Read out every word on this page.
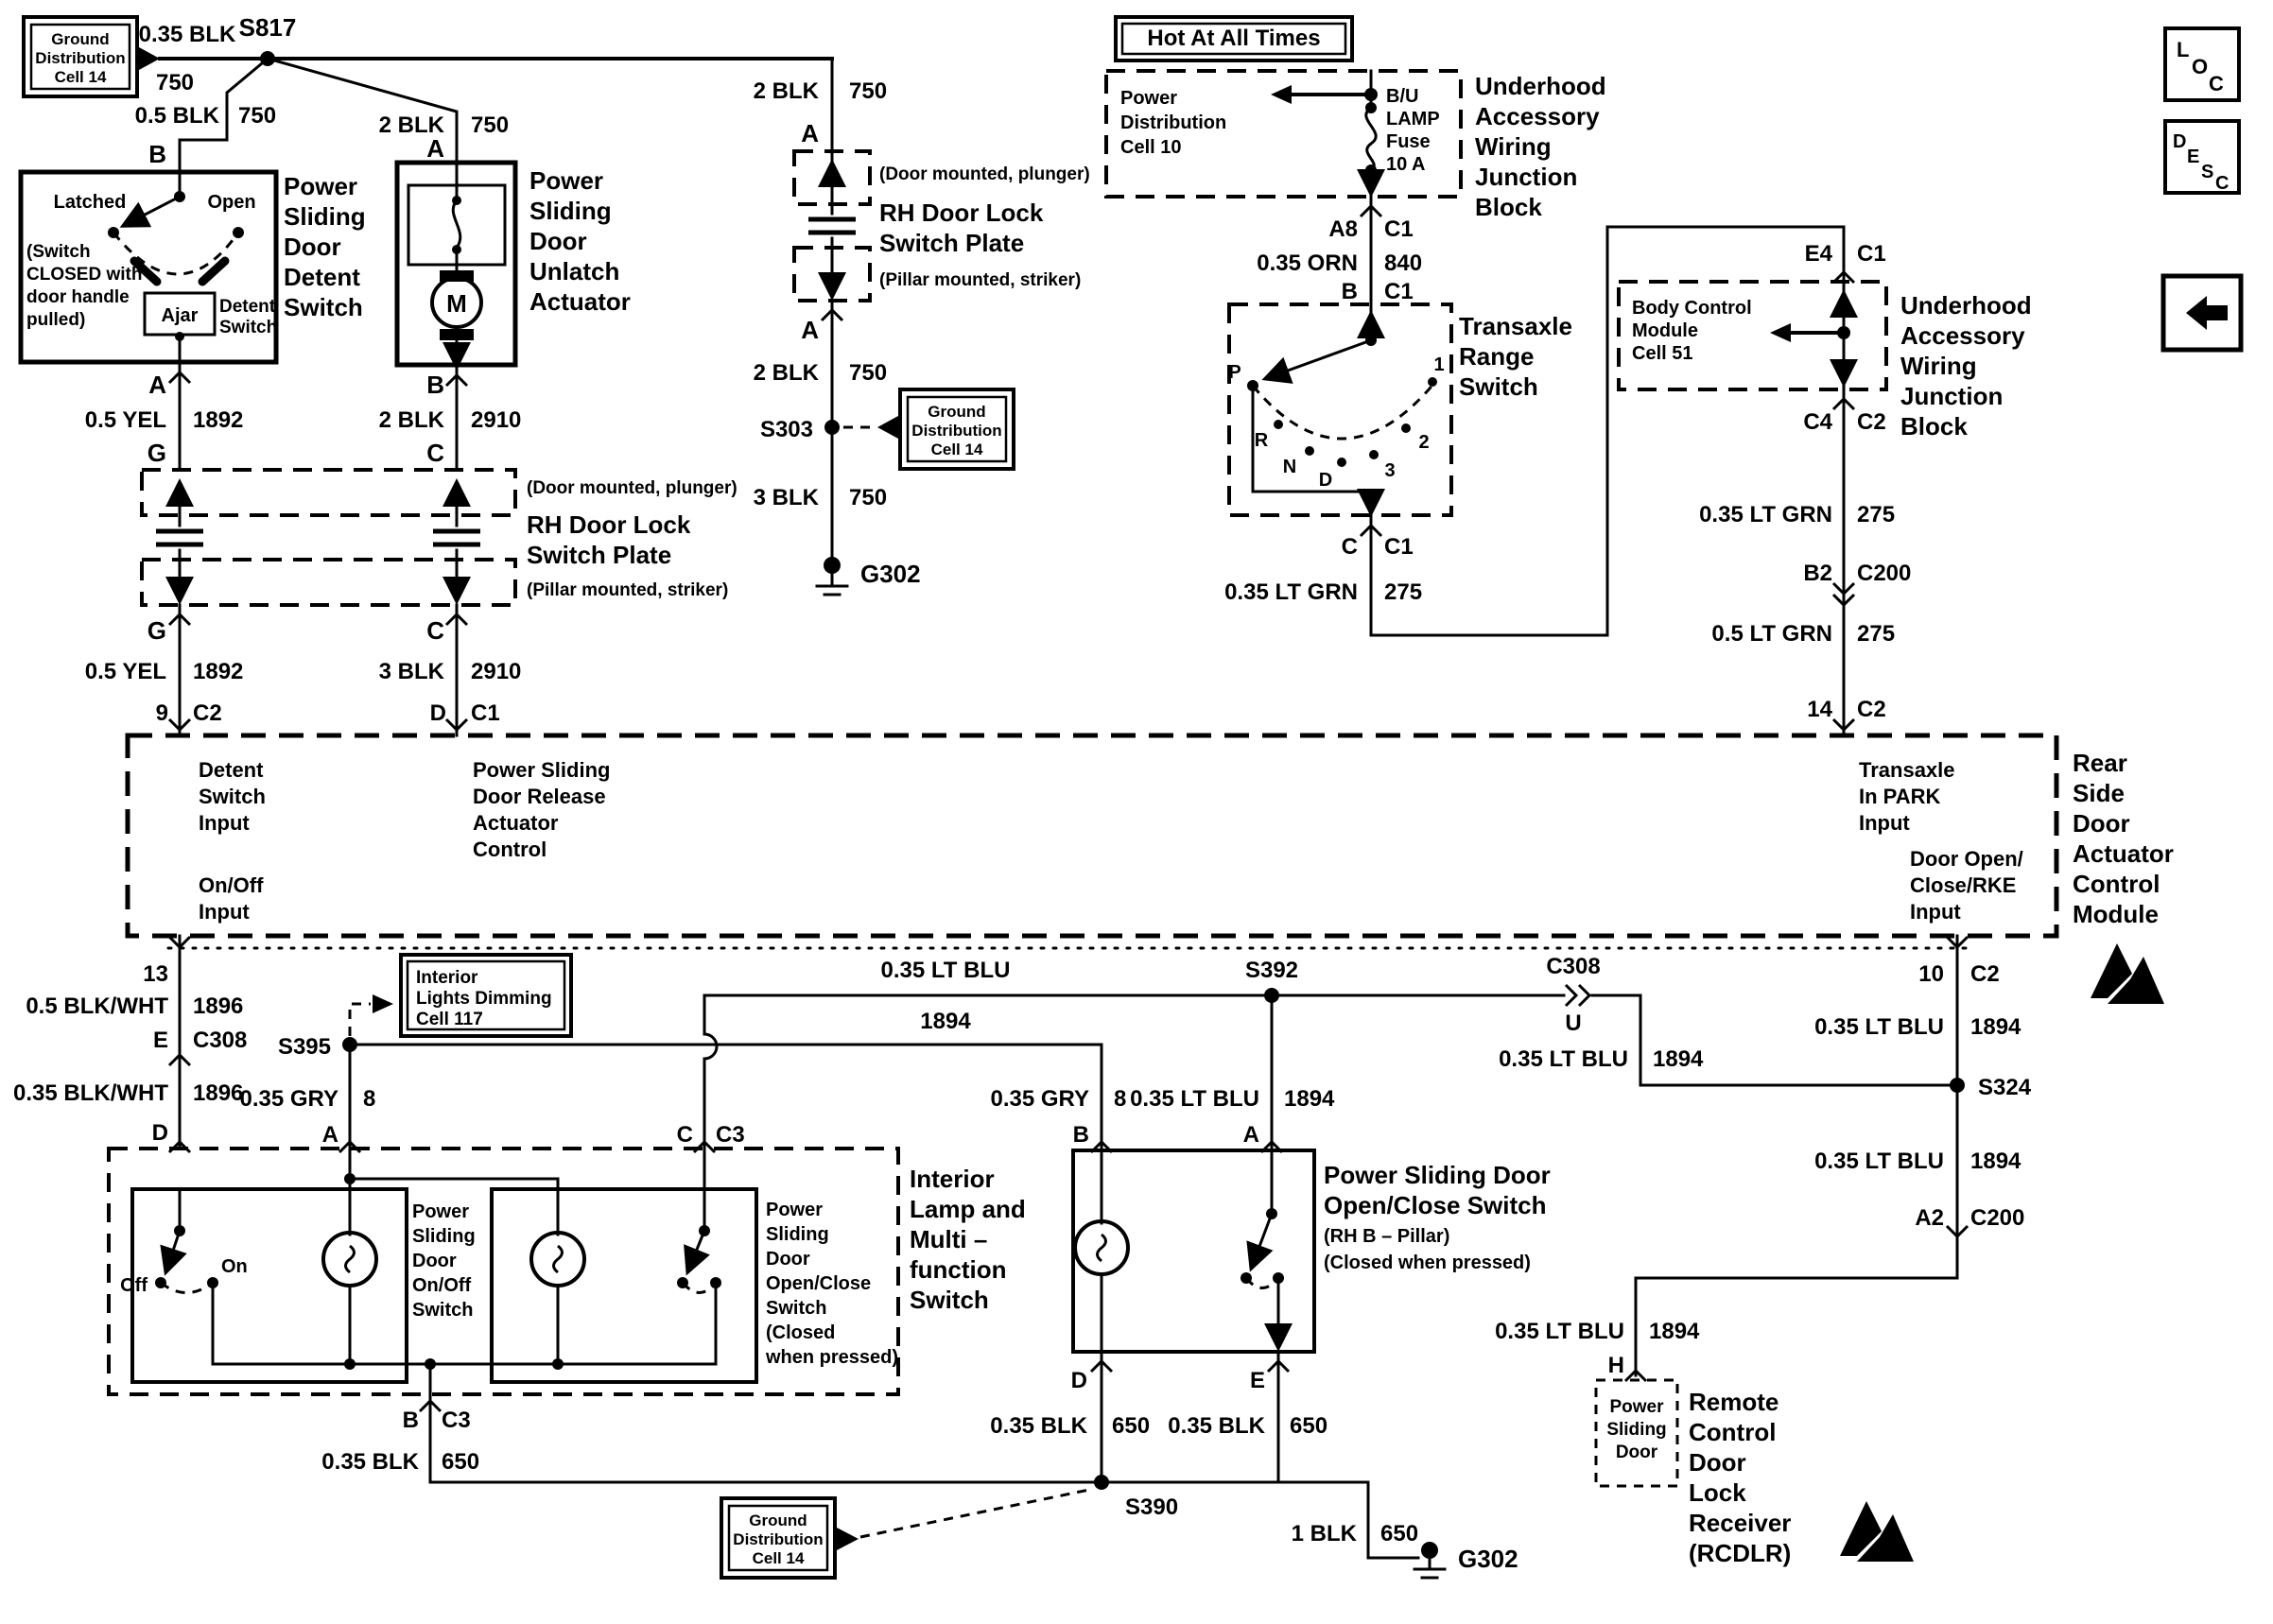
Ground
Distribution
Cell 14
S817
0.35 BLK
750
0.5 BLK 750
B
2 BLK 750
A
2 BLK 750
A
Latched	Open
Ajar
(Switch
CLOSED with
door handle
pulled)
Detent
Switch
Power
Sliding
Door
Detent
Switch	M
Power
Sliding
Door
Unlatch
Actuator
A
0.5 YEL 1892
G
B
2 BLK 2910
C
(Door mounted, plunger)
RH Door Lock
Switch Plate
(Pillar mounted, striker)
G
0.5 YEL 1892
9 C2
C
3 BLK 2910
D C1
(Door mounted, plunger)
RH Door Lock
Switch Plate
(Pillar mounted, striker)
A
2 BLK 750
S303
Ground
Distribution
Cell 14
3 BLK 750
G302
Hot At All Times
Power
Distribution
Cell 10
B/U
LAMP
Fuse
10 A
Underhood
Accessory
Wiring
Junction
Block
A8 C1
0.35 ORN 840
B C1
P
R
N
D	3
2
1
Transaxle
Range
Switch
C C1
0.35 LT GRN 275
E4 C1
Body Control
Module
Cell 51
Underhood
Accessory
Wiring
Junction
Block
C4 C2
0.35 LT GRN 275
B2 C200
0.5 LT GRN 275
14 C2
Detent
Switch
Input
Power Sliding
Door Release
Actuator
Control
On/Off
Input
Transaxle
In PARK
Input
Door Open/
Close/RKE
Input
Rear
Side
Door
Actuator
Control
Module
13
0.5 BLK/WHT 1896
E C308
0.35 BLK/WHT 1896
D
S395
Interior
Lights Dimming
Cell 117
0.35 GRY 8
A
0.35 GRY 8
B
0.35 LT BLU
1894
C308
U
S392
0.35 LT BLU 1894
A
C C3
0.35 LT BLU 1894
10 C2
0.35 LT BLU 1894
S324
0.35 LT BLU 1894
A2 C200
0.35 LT BLU 1894
H
Power
Sliding
Door
Remote
Control
Door
Lock
Receiver
(RCDLR)
Off
On
Power
Sliding
Door
On/Off
Switch
Power
Sliding
Door
Open/Close
Switch
(Closed
when pressed)
Interior
Lamp and
Multi –
function
Switch
Power Sliding Door
Open/Close Switch
(RH B – Pillar)
(Closed when pressed)
D	E
0.35 BLK 650 0.35 BLK 650
B C3
0.35 BLK 650
S390
Ground
Distribution
Cell 14
1 BLK 650
G302
L
O
C
D
E
S
C
